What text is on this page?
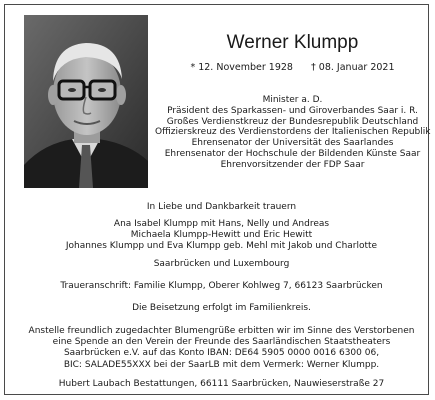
Werner Klumpp
* 12. November 1928 † 08. Januar 2021
Minister a. D.
Präsident des Sparkassen- und Giroverbandes Saar i. R.
Großes Verdienstkreuz der Bundesrepublik Deutschland
Offizierskreuz des Verdienstordens der Italienischen Republik
Ehrensenator der Universität des Saarlandes
Ehrensenator der Hochschule der Bildenden Künste Saar
Ehrenvorsitzender der FDP Saar
In Liebe und Dankbarkeit trauern
Ana Isabel Klumpp mit Hans, Nelly und Andreas
Michaela Klumpp-Hewitt und Eric Hewitt
Johannes Klumpp und Eva Klumpp geb. Mehl mit Jakob und Charlotte
Saarbrücken und Luxembourg
Traueranschrift: Familie Klumpp, Oberer Kohlweg 7, 66123 Saarbrücken
Die Beisetzung erfolgt im Familienkreis.
Anstelle freundlich zugedachter Blumengrüße erbitten wir im Sinne des Verstorbenen
eine Spende an den Verein der Freunde des Saarländischen Staatstheaters
Saarbrücken e.V. auf das Konto IBAN: DE64 5905 0000 0016 6300 06,
BIC: SALADE55XXX bei der SaarLB mit dem Vermerk: Werner Klumpp.
Hubert Laubach Bestattungen, 66111 Saarbrücken, Nauwieserstraße 27
